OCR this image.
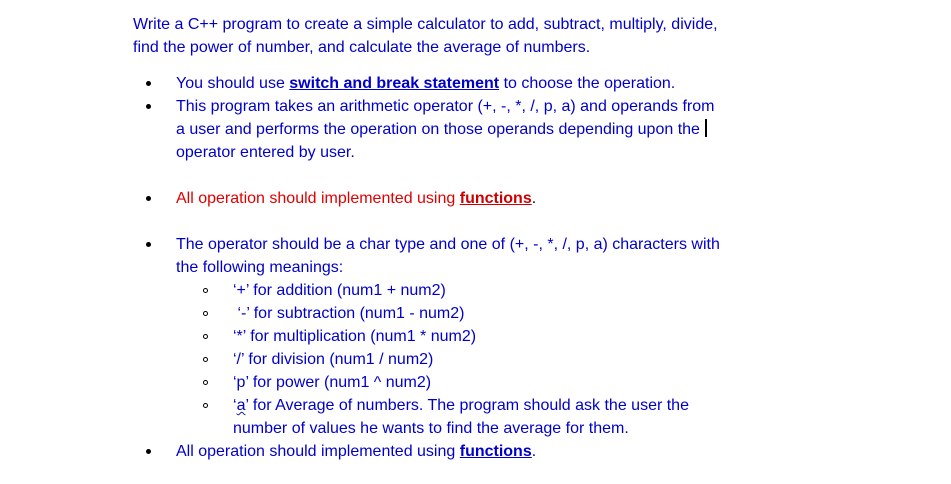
Write a C++ program to create a simple calculator to add, subtract, multiply, divide,
find the power of number, and calculate the average of numbers.

You should use switch and break statement to choose the operation.
This program takes an arithmetic operator (+, -, *, /, p, a) and operands from
a user and performs the operation on those operands depending upon the
operator entered by user.
All operation should implemented using functions.
The operator should be a char type and one of (+, -, *, /, p, a) characters with
the following meanings:
‘+’ for addition (num1 + num2)
‘-’ for subtraction (num1 - num2)
‘*’ for multiplication (num1 * num2)
‘/’ for division (num1 / num2)
‘p’ for power (num1 ^ num2)
‘a’ for Average of numbers. The program should ask the user the
number of values he wants to find the average for them.
All operation should implemented using functions.
